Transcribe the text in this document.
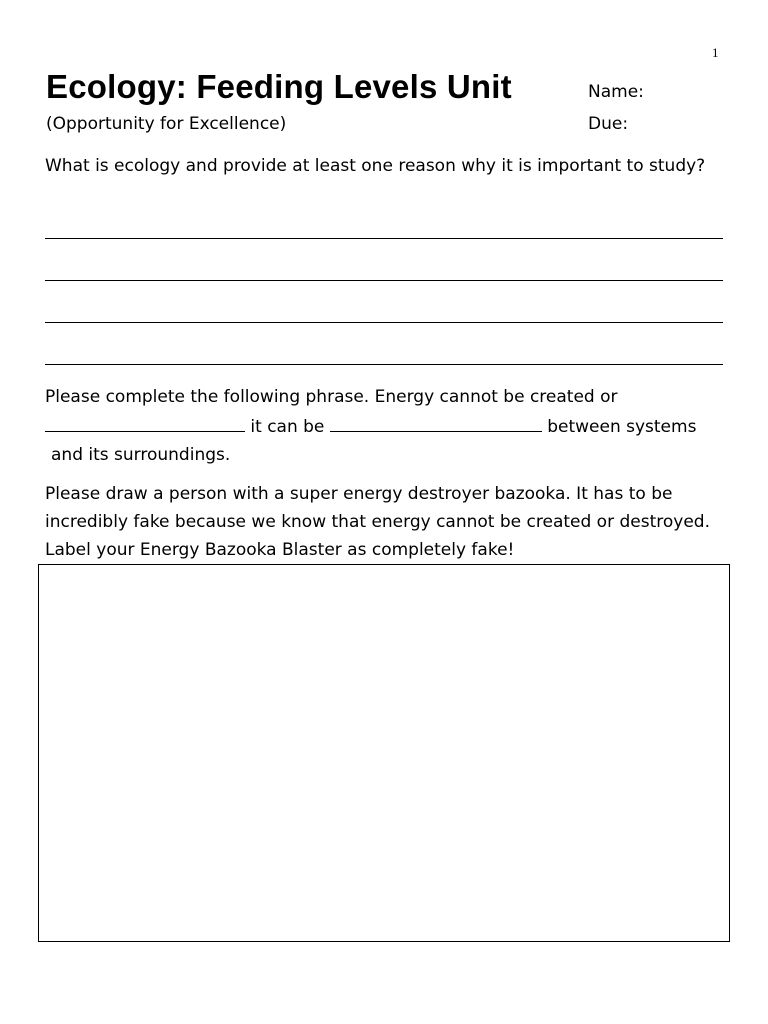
1
Ecology: Feeding Levels Unit	Name:
(Opportunity for Excellence)	Due:
What is ecology and provide at least one reason why it is important to study?
Please complete the following phrase. Energy cannot be created or
it can be	between systems
and its surroundings.
Please draw a person with a super energy destroyer bazooka. It has to be incredibly fake because we know that energy cannot be created or destroyed. Label your Energy Bazooka Blaster as completely fake!
